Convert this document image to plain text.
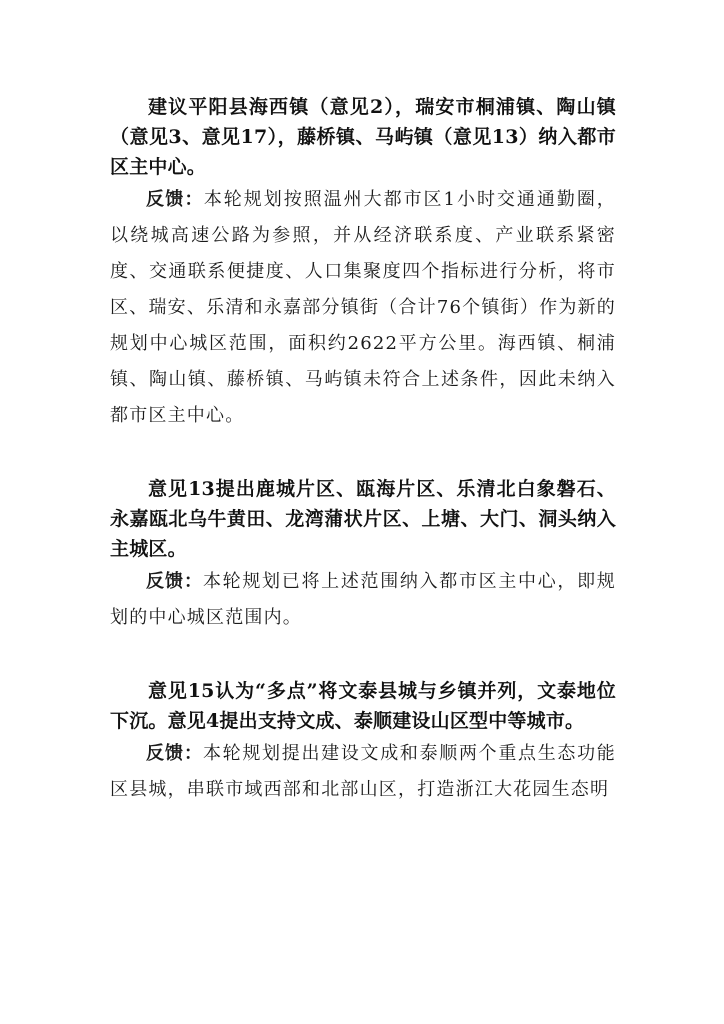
建议平阳县海西镇（意见2），瑞安市桐浦镇、陶山镇（意见3、意见17），藤桥镇、马屿镇（意见13）纳入都市区主中心。

反馈：本轮规划按照温州大都市区1小时交通通勤圈，以绕城高速公路为参照，并从经济联系度、产业联系紧密度、交通联系便捷度、人口集聚度四个指标进行分析，将市区、瑞安、乐清和永嘉部分镇街（合计76个镇街）作为新的规划中心城区范围，面积约2622平方公里。海西镇、桐浦镇、陶山镇、藤桥镇、马屿镇未符合上述条件，因此未纳入都市区主中心。

意见13提出鹿城片区、瓯海片区、乐清北白象磐石、永嘉瓯北乌牛黄田、龙湾蒲状片区、上塘、大门、洞头纳入主城区。

反馈：本轮规划已将上述范围纳入都市区主中心，即规划的中心城区范围内。

意见15认为“多点”将文泰县城与乡镇并列，文泰地位下沉。意见4提出支持文成、泰顺建设山区型中等城市。

反馈：本轮规划提出建设文成和泰顺两个重点生态功能区县城，串联市域西部和北部山区，打造浙江大花园生态明
